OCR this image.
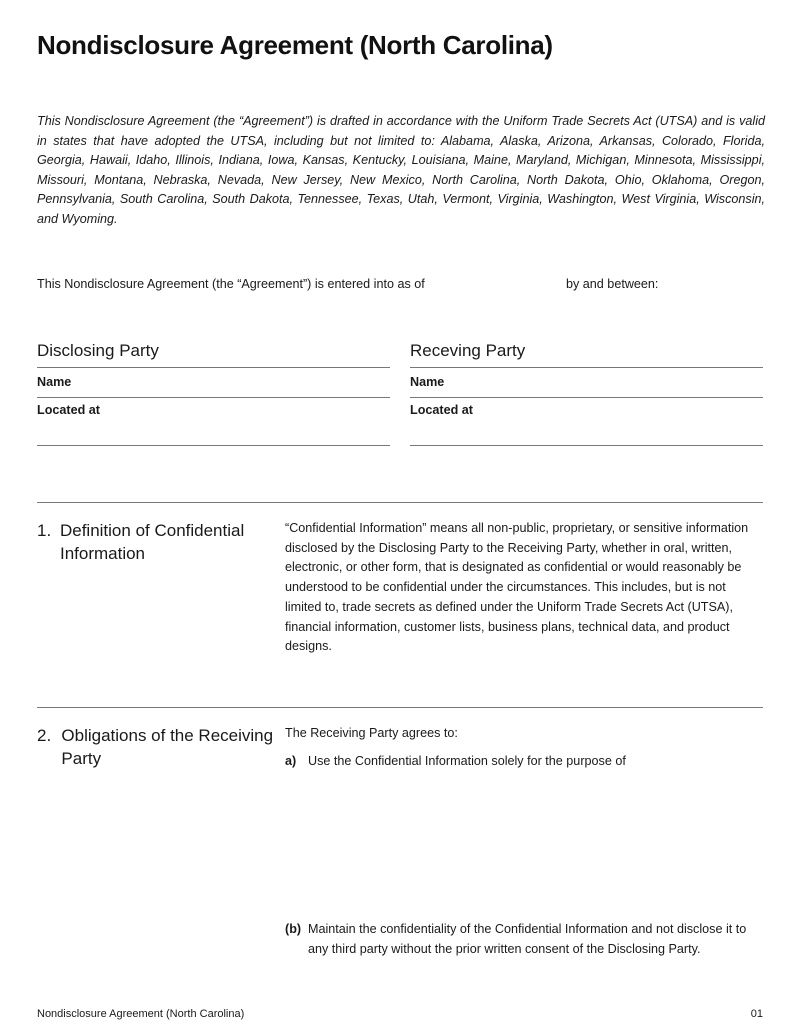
Nondisclosure Agreement (North Carolina)

This Nondisclosure Agreement (the “Agreement”) is drafted in accordance with the Uniform Trade Secrets Act (UTSA) and is valid in states that have adopted the UTSA, including but not limited to: Alabama, Alaska, Arizona, Arkansas, Colorado, Florida, Georgia, Hawaii, Idaho, Illinois, Indiana, Iowa, Kansas, Kentucky, Louisiana, Maine, Maryland, Michigan, Minnesota, Mississippi, Missouri, Montana, Nebraska, Nevada, New Jersey, New Mexico, North Carolina, North Dakota, Ohio, Oklahoma, Oregon, Pennsylvania, South Carolina, South Dakota, Tennessee, Texas, Utah, Vermont, Virginia, Washington, West Virginia, Wisconsin, and Wyoming.

This Nondisclosure Agreement (the “Agreement”) is entered into as of	by and between:
Disclosing Party
Name
Located at
Receving Party
Name
Located at
1. Definition of Confidential Information

“Confidential Information” means all non-public, proprietary, or sensitive information disclosed by the Disclosing Party to the Receiving Party, whether in oral, written, electronic, or other form, that is designated as confidential or would reasonably be understood to be confidential under the circumstances. This includes, but is not limited to, trade secrets as defined under the Uniform Trade Secrets Act (UTSA), financial information, customer lists, business plans, technical data, and product designs.

2. Obligations of the Receiving Party

The Receiving Party agrees to:

a) Use the Confidential Information solely for the purpose of
(b) Maintain the confidentiality of the Confidential Information and not disclose it to any third party without the prior written consent of the Disclosing Party.
Nondisclosure Agreement (North Carolina)	01
